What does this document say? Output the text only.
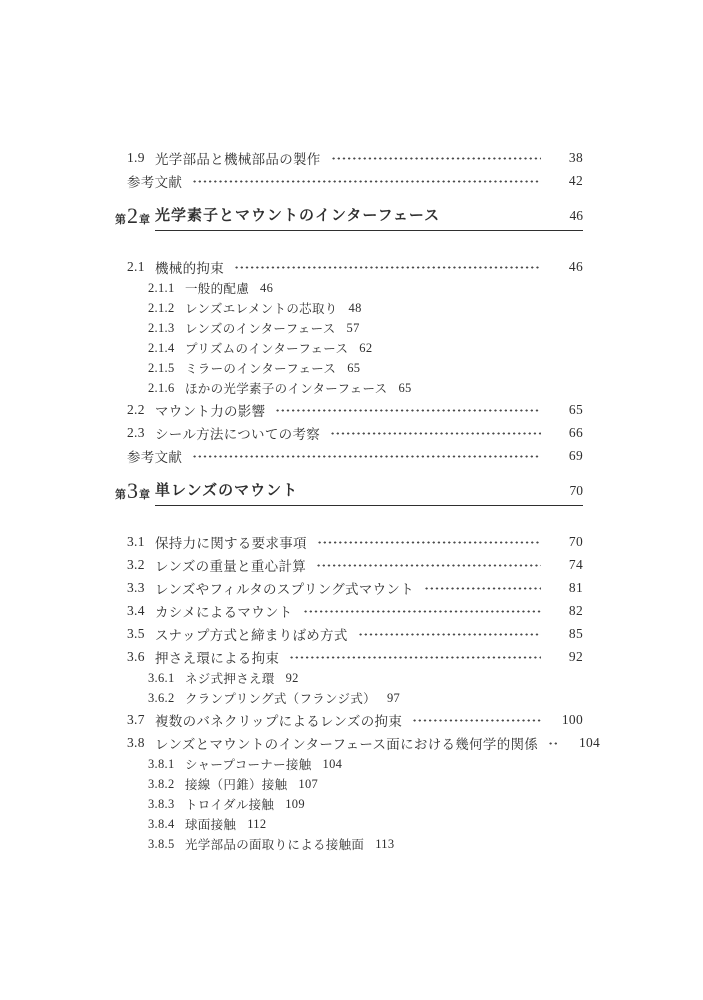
1.9 光学部品と機械部品の製作	38
参考文献	42
第 2 章 光学素子とマウントのインターフェース	46
2.1 機械的拘束	46
2.1.1 一般的配慮 46
2.1.2 レンズエレメントの芯取り 48
2.1.3 レンズのインターフェース 57
2.1.4 プリズムのインターフェース 62
2.1.5 ミラーのインターフェース 65
2.1.6 ほかの光学素子のインターフェース 65
2.2 マウント力の影響	65
2.3 シール方法についての考察	66
参考文献	69
第 3 章 単レンズのマウント	70
3.1 保持力に関する要求事項	70
3.2 レンズの重量と重心計算	74
3.3 レンズやフィルタのスプリング式マウント	81
3.4 カシメによるマウント	82
3.5 スナップ方式と締まりばめ方式	85
3.6 押さえ環による拘束	92
3.6.1 ネジ式押さえ環 92
3.6.2 クランプリング式（フランジ式） 97
3.7 複数のバネクリップによるレンズの拘束	100
3.8 レンズとマウントのインターフェース面における幾何学的関係	104
3.8.1 シャープコーナー接触 104
3.8.2 接線（円錐）接触 107
3.8.3 トロイダル接触 109
3.8.4 球面接触 112
3.8.5 光学部品の面取りによる接触面 113
